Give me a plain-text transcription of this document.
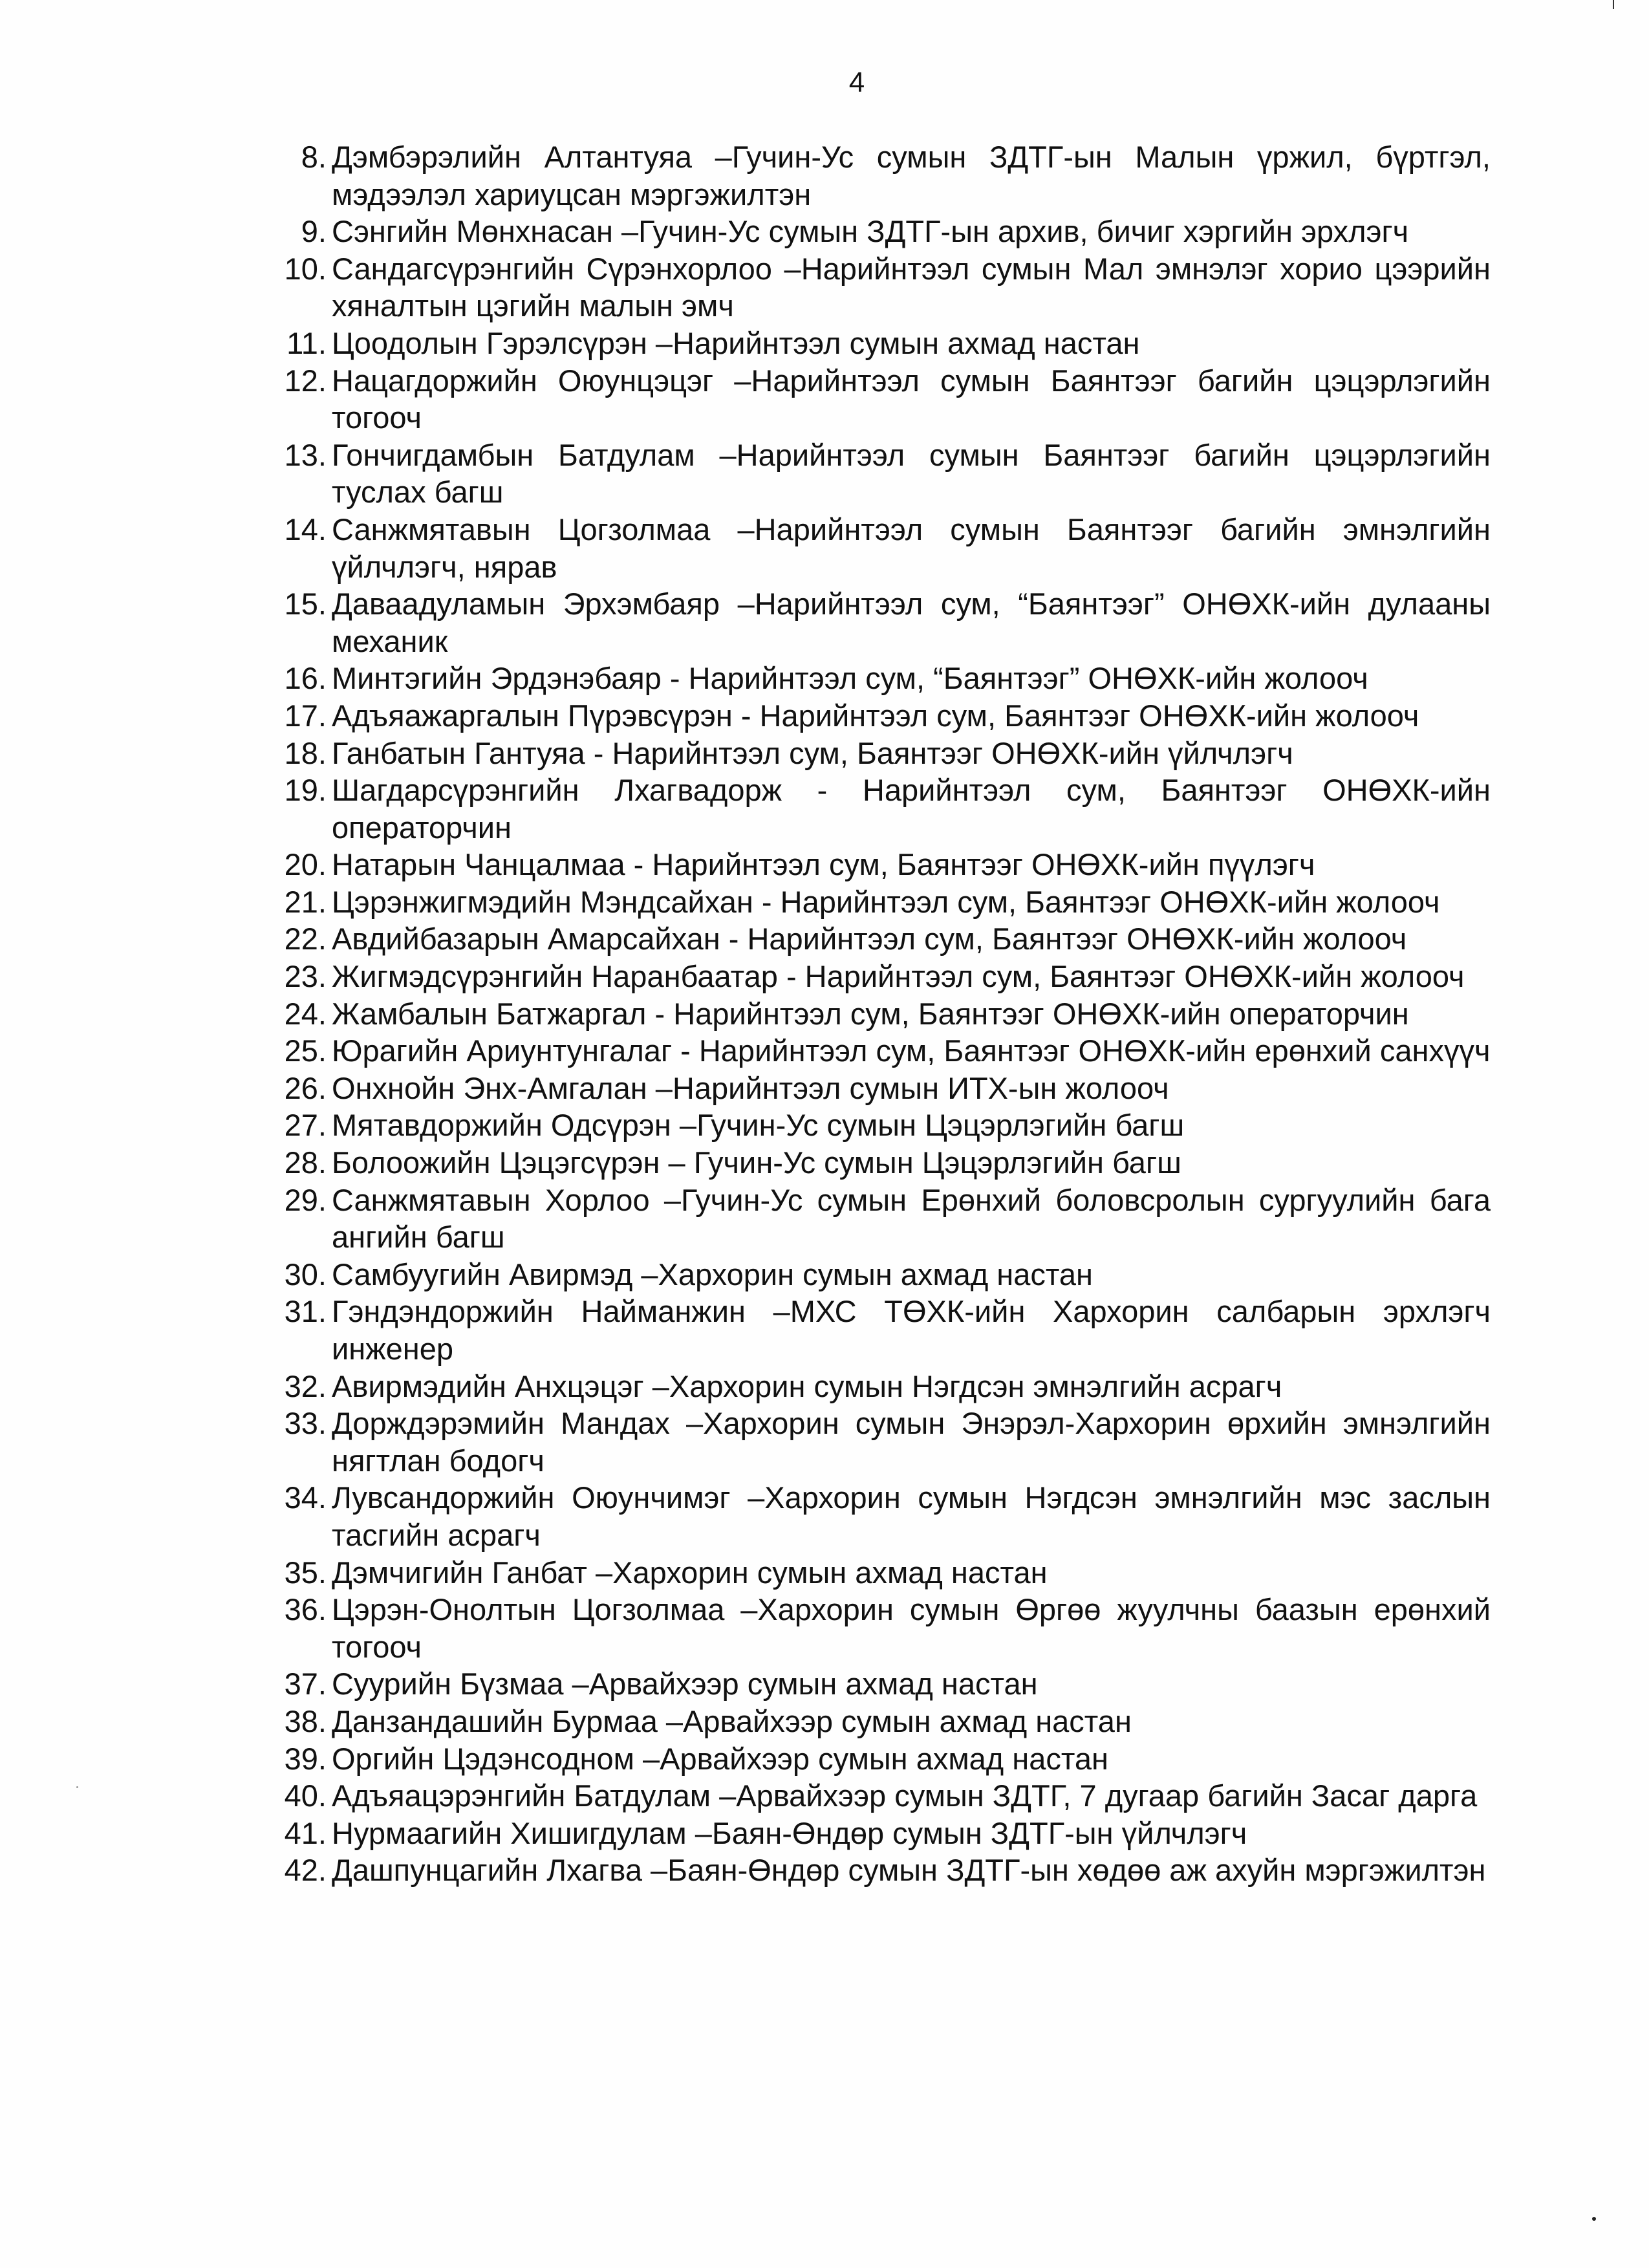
4
8. Дэмбэрэлийн Алтантуяа –Гучин-Ус сумын ЗДТГ-ын Малын үржил, бүртгэл, мэдээлэл хариуцсан мэргэжилтэн
9. Сэнгийн Мөнхнасан –Гучин-Ус сумын ЗДТГ-ын архив, бичиг хэргийн эрхлэгч
10. Сандагсүрэнгийн Сүрэнхорлоо –Нарийнтээл сумын Мал эмнэлэг хорио цээрийн хяналтын цэгийн малын эмч
11. Цоодолын Гэрэлсүрэн –Нарийнтээл сумын ахмад настан
12. Нацагдоржийн Оюунцэцэг –Нарийнтээл сумын Баянтээг багийн цэцэрлэгийн тогооч
13. Гончигдамбын Батдулам –Нарийнтээл сумын Баянтээг багийн цэцэрлэгийн туслах багш
14. Санжмятавын Цогзолмаа –Нарийнтээл сумын Баянтээг багийн эмнэлгийн үйлчлэгч, нярав
15. Даваадуламын Эрхэмбаяр –Нарийнтээл сум, “Баянтээг” ОНӨХК-ийн дулааны механик
16. Минтэгийн Эрдэнэбаяр - Нарийнтээл сум, “Баянтээг” ОНӨХК-ийн жолооч
17. Адъяажаргалын Пүрэвсүрэн - Нарийнтээл сум, Баянтээг ОНӨХК-ийн жолооч
18. Ганбатын Гантуяа - Нарийнтээл сум, Баянтээг ОНӨХК-ийн үйлчлэгч
19. Шагдарсүрэнгийн Лхагвадорж - Нарийнтээл сум, Баянтээг ОНӨХК-ийн операторчин
20. Натарын Чанцалмаа - Нарийнтээл сум, Баянтээг ОНӨХК-ийн пүүлэгч
21. Цэрэнжигмэдийн Мэндсайхан - Нарийнтээл сум, Баянтээг ОНӨХК-ийн жолооч
22. Авдийбазарын Амарсайхан - Нарийнтээл сум, Баянтээг ОНӨХК-ийн жолооч
23. Жигмэдсүрэнгийн Наранбаатар - Нарийнтээл сум, Баянтээг ОНӨХК-ийн жолооч
24. Жамбалын Батжаргал - Нарийнтээл сум, Баянтээг ОНӨХК-ийн операторчин
25. Юрагийн Ариунтунгалаг - Нарийнтээл сум, Баянтээг ОНӨХК-ийн ерөнхий санхүүч
26. Онхнойн Энх-Амгалан –Нарийнтээл сумын ИТХ-ын жолооч
27. Мятавдоржийн Одсүрэн –Гучин-Ус сумын Цэцэрлэгийн багш
28. Болоожийн Цэцэгсүрэн – Гучин-Ус сумын Цэцэрлэгийн багш
29. Санжмятавын Хорлоо –Гучин-Ус сумын Ерөнхий боловсролын сургуулийн бага ангийн багш
30. Самбуугийн Авирмэд –Хархорин сумын ахмад настан
31. Гэндэндоржийн Найманжин –МХС ТӨХК-ийн Хархорин салбарын эрхлэгч инженер
32. Авирмэдийн Анхцэцэг –Хархорин сумын Нэгдсэн эмнэлгийн асрагч
33. Дорждэрэмийн Мандах –Хархорин сумын Энэрэл-Хархорин өрхийн эмнэлгийн нягтлан бодогч
34. Лувсандоржийн Оюунчимэг –Хархорин сумын Нэгдсэн эмнэлгийн мэс заслын тасгийн асрагч
35. Дэмчигийн Ганбат –Хархорин сумын ахмад настан
36. Цэрэн-Онолтын Цогзолмаа –Хархорин сумын Өргөө жуулчны баазын ерөнхий тогооч
37. Суурийн Бүзмаа –Арвайхээр сумын ахмад настан
38. Данзандашийн Бурмаа –Арвайхээр сумын ахмад настан
39. Оргийн Цэдэнсодном –Арвайхээр сумын ахмад настан
40. Адъяацэрэнгийн Батдулам –Арвайхээр сумын ЗДТГ, 7 дугаар багийн Засаг дарга
41. Нурмаагийн Хишигдулам –Баян-Өндөр сумын ЗДТГ-ын үйлчлэгч
42. Дашпунцагийн Лхагва –Баян-Өндөр сумын ЗДТГ-ын хөдөө аж ахуйн мэргэжилтэн
